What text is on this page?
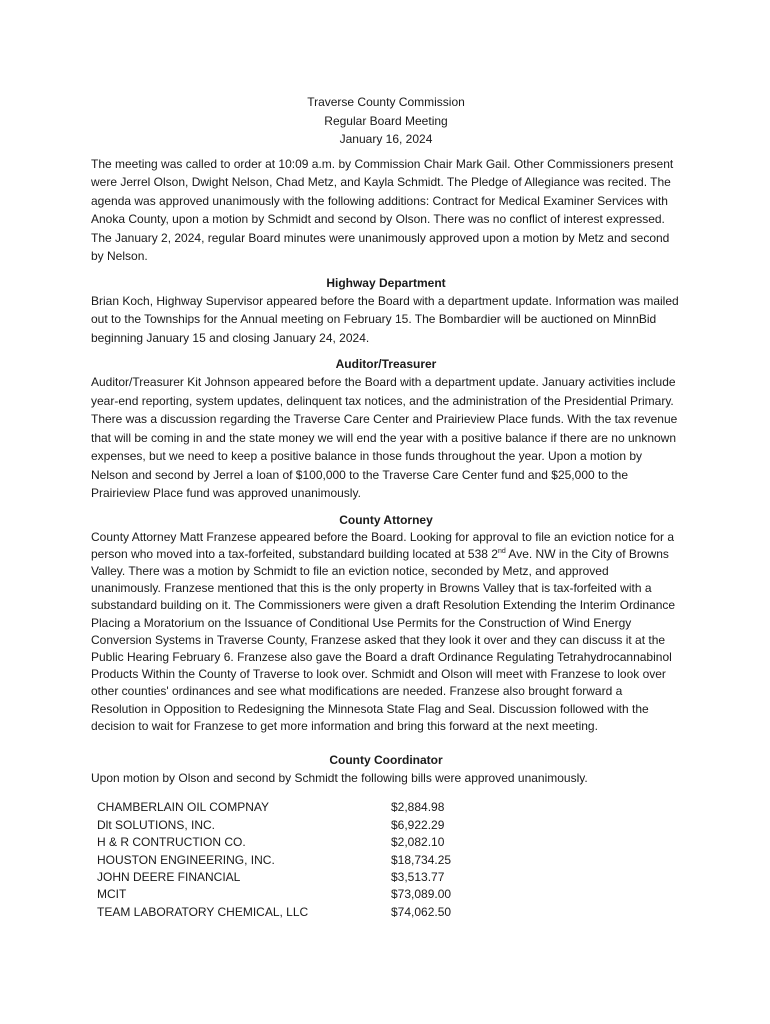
Traverse County Commission
Regular Board Meeting
January 16, 2024

The meeting was called to order at 10:09 a.m. by Commission Chair Mark Gail. Other Commissioners present were Jerrel Olson, Dwight Nelson, Chad Metz, and Kayla Schmidt. The Pledge of Allegiance was recited. The agenda was approved unanimously with the following additions: Contract for Medical Examiner Services with Anoka County, upon a motion by Schmidt and second by Olson. There was no conflict of interest expressed. The January 2, 2024, regular Board minutes were unanimously approved upon a motion by Metz and second by Nelson.

Highway Department

Brian Koch, Highway Supervisor appeared before the Board with a department update. Information was mailed out to the Townships for the Annual meeting on February 15. The Bombardier will be auctioned on MinnBid beginning January 15 and closing January 24, 2024.

Auditor/Treasurer

Auditor/Treasurer Kit Johnson appeared before the Board with a department update. January activities include year-end reporting, system updates, delinquent tax notices, and the administration of the Presidential Primary. There was a discussion regarding the Traverse Care Center and Prairieview Place funds. With the tax revenue that will be coming in and the state money we will end the year with a positive balance if there are no unknown expenses, but we need to keep a positive balance in those funds throughout the year. Upon a motion by Nelson and second by Jerrel a loan of $100,000 to the Traverse Care Center fund and $25,000 to the Prairieview Place fund was approved unanimously.

County Attorney

County Attorney Matt Franzese appeared before the Board. Looking for approval to file an eviction notice for a person who moved into a tax-forfeited, substandard building located at 538 2nd Ave. NW in the City of Browns Valley. There was a motion by Schmidt to file an eviction notice, seconded by Metz, and approved unanimously. Franzese mentioned that this is the only property in Browns Valley that is tax-forfeited with a substandard building on it. The Commissioners were given a draft Resolution Extending the Interim Ordinance Placing a Moratorium on the Issuance of Conditional Use Permits for the Construction of Wind Energy Conversion Systems in Traverse County, Franzese asked that they look it over and they can discuss it at the Public Hearing February 6. Franzese also gave the Board a draft Ordinance Regulating Tetrahydrocannabinol Products Within the County of Traverse to look over. Schmidt and Olson will meet with Franzese to look over other counties' ordinances and see what modifications are needed. Franzese also brought forward a Resolution in Opposition to Redesigning the Minnesota State Flag and Seal. Discussion followed with the decision to wait for Franzese to get more information and bring this forward at the next meeting.

County Coordinator

Upon motion by Olson and second by Schmidt the following bills were approved unanimously.

CHAMBERLAIN OIL COMPNAY	$2,884.98
Dlt SOLUTIONS, INC.	$6,922.29
H & R CONTRUCTION CO.	$2,082.10
HOUSTON ENGINEERING, INC.	$18,734.25
JOHN DEERE FINANCIAL	$3,513.77
MCIT	$73,089.00
TEAM LABORATORY CHEMICAL, LLC	$74,062.50
